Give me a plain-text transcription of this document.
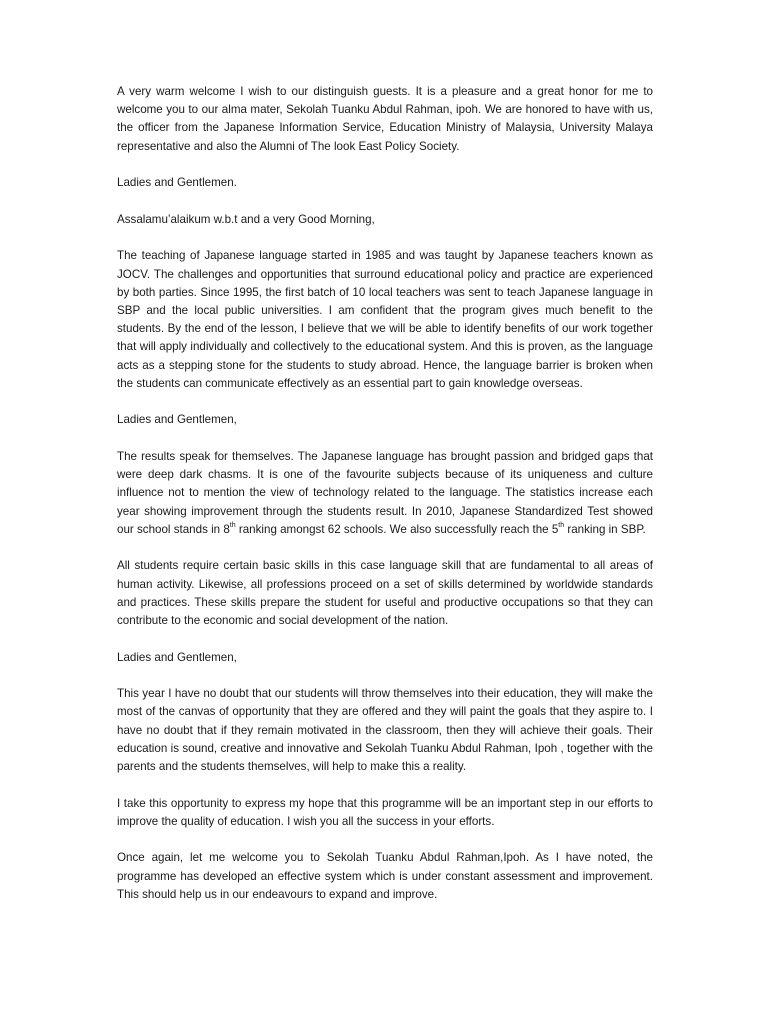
A very warm welcome I wish to our distinguish guests. It is a pleasure and a great honor for me to welcome you to our alma mater, Sekolah Tuanku Abdul Rahman, ipoh. We are honored to have with us, the officer from the Japanese Information Service, Education Ministry of Malaysia, University Malaya representative and also the Alumni of The look East Policy Society.

Ladies and Gentlemen.

Assalamu’alaikum w.b.t and a very Good Morning,

The teaching of Japanese language started in 1985 and was taught by Japanese teachers known as JOCV. The challenges and opportunities that surround educational policy and practice are experienced by both parties. Since 1995, the first batch of 10 local teachers was sent to teach Japanese language in SBP and the local public universities. I am confident that the program gives much benefit to the students. By the end of the lesson, I believe that we will be able to identify benefits of our work together that will apply individually and collectively to the educational system. And this is proven, as the language acts as a stepping stone for the students to study abroad. Hence, the language barrier is broken when the students can communicate effectively as an essential part to gain knowledge overseas.

Ladies and Gentlemen,

The results speak for themselves. The Japanese language has brought passion and bridged gaps that were deep dark chasms. It is one of the favourite subjects because of its uniqueness and culture influence not to mention the view of technology related to the language. The statistics increase each year showing improvement through the students result. In 2010, Japanese Standardized Test showed our school stands in 8th ranking amongst 62 schools. We also successfully reach the 5th ranking in SBP.

All students require certain basic skills in this case language skill that are fundamental to all areas of human activity. Likewise, all professions proceed on a set of skills determined by worldwide standards and practices. These skills prepare the student for useful and productive occupations so that they can contribute to the economic and social development of the nation.

Ladies and Gentlemen,

This year I have no doubt that our students will throw themselves into their education, they will make the most of the canvas of opportunity that they are offered and they will paint the goals that they aspire to. I have no doubt that if they remain motivated in the classroom, then they will achieve their goals. Their education is sound, creative and innovative and Sekolah Tuanku Abdul Rahman, Ipoh , together with the parents and the students themselves, will help to make this a reality.

I take this opportunity to express my hope that this programme will be an important step in our efforts to improve the quality of education. I wish you all the success in your efforts.

Once again, let me welcome you to Sekolah Tuanku Abdul Rahman,Ipoh. As I have noted, the programme has developed an effective system which is under constant assessment and improvement. This should help us in our endeavours to expand and improve.
